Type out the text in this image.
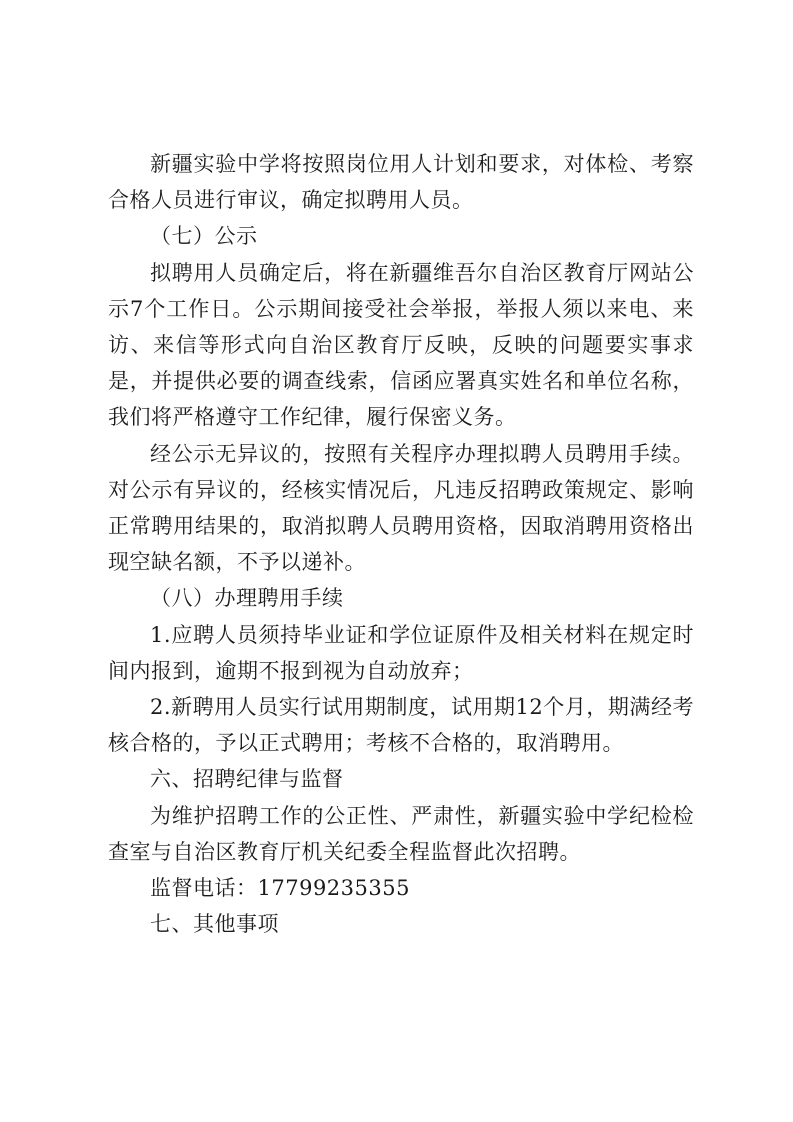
新疆实验中学将按照岗位用人计划和要求，对体检、考察合格人员进行审议，确定拟聘用人员。

（七）公示

拟聘用人员确定后，将在新疆维吾尔自治区教育厅网站公示7个工作日。公示期间接受社会举报，举报人须以来电、来访、来信等形式向自治区教育厅反映，反映的问题要实事求是，并提供必要的调查线索，信函应署真实姓名和单位名称，我们将严格遵守工作纪律，履行保密义务。

经公示无异议的，按照有关程序办理拟聘人员聘用手续。对公示有异议的，经核实情况后，凡违反招聘政策规定、影响正常聘用结果的，取消拟聘人员聘用资格，因取消聘用资格出现空缺名额，不予以递补。

（八）办理聘用手续

1.应聘人员须持毕业证和学位证原件及相关材料在规定时间内报到，逾期不报到视为自动放弃；

2.新聘用人员实行试用期制度，试用期12个月，期满经考核合格的，予以正式聘用；考核不合格的，取消聘用。

六、招聘纪律与监督

为维护招聘工作的公正性、严肃性，新疆实验中学纪检检查室与自治区教育厅机关纪委全程监督此次招聘。

监督电话：17799235355

七、其他事项
